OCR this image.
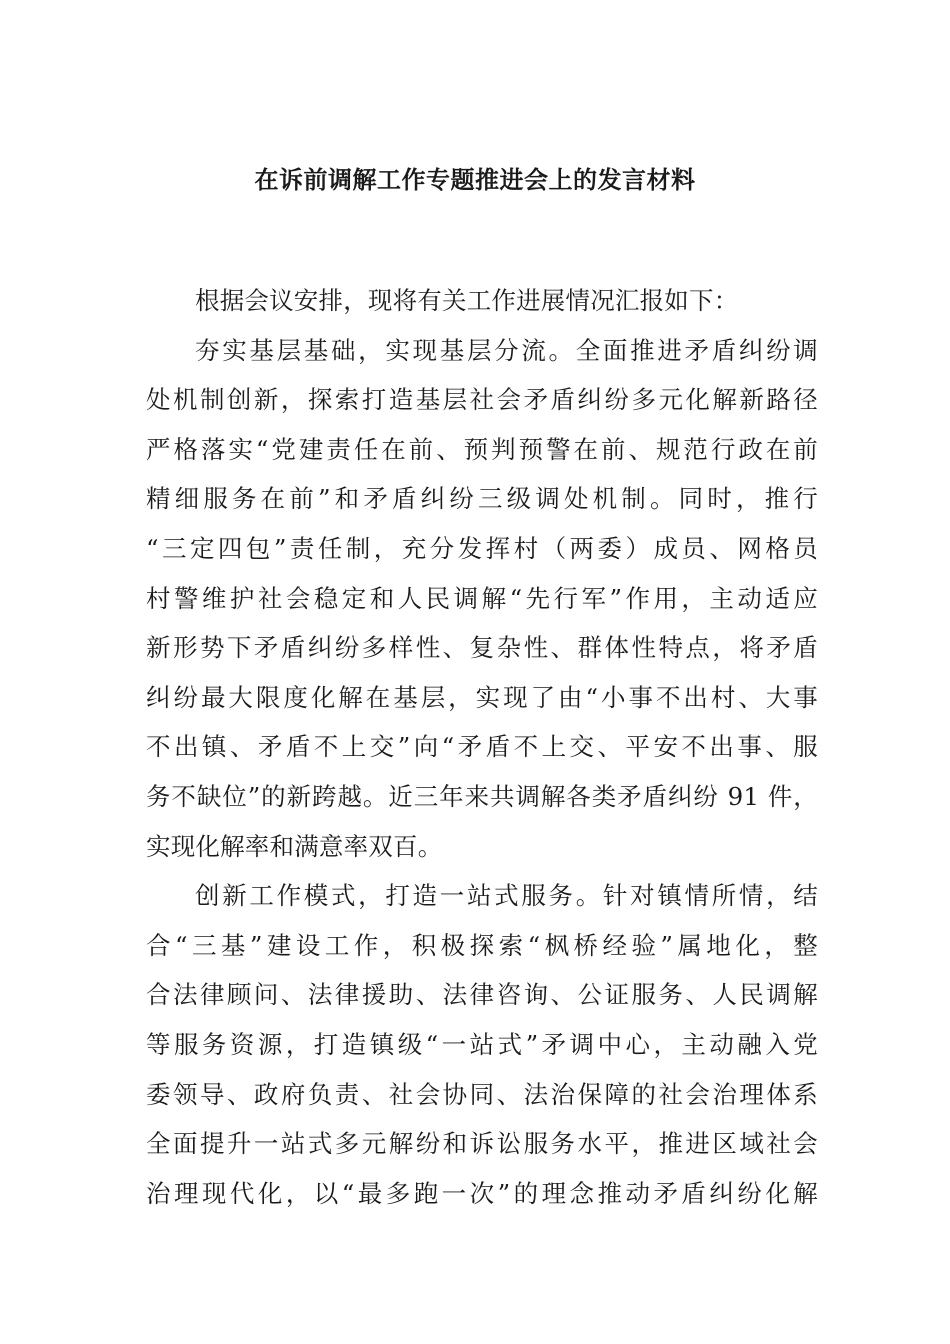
在诉前调解工作专题推进会上的发言材料
根据会议安排，现将有关工作进展情况汇报如下：
夯实基层基础，实现基层分流。全面推进矛盾纠纷调
处机制创新，探索打造基层社会矛盾纠纷多元化解新路径
严格落实“党建责任在前、预判预警在前、规范行政在前
精细服务在前”和矛盾纠纷三级调处机制。同时，推行
“三定四包”责任制，充分发挥村（两委）成员、网格员
村警维护社会稳定和人民调解“先行军”作用，主动适应
新形势下矛盾纠纷多样性、复杂性、群体性特点，将矛盾
纠纷最大限度化解在基层，实现了由“小事不出村、大事
不出镇、矛盾不上交”向“矛盾不上交、平安不出事、服
务不缺位”的新跨越。近三年来共调解各类矛盾纠纷 91 件，
实现化解率和满意率双百。
创新工作模式，打造一站式服务。针对镇情所情，结
合“三基”建设工作，积极探索“枫桥经验”属地化，整
合法律顾问、法律援助、法律咨询、公证服务、人民调解
等服务资源，打造镇级“一站式”矛调中心，主动融入党
委领导、政府负责、社会协同、法治保障的社会治理体系
全面提升一站式多元解纷和诉讼服务水平，推进区域社会
治理现代化，以“最多跑一次”的理念推动矛盾纠纷化解
